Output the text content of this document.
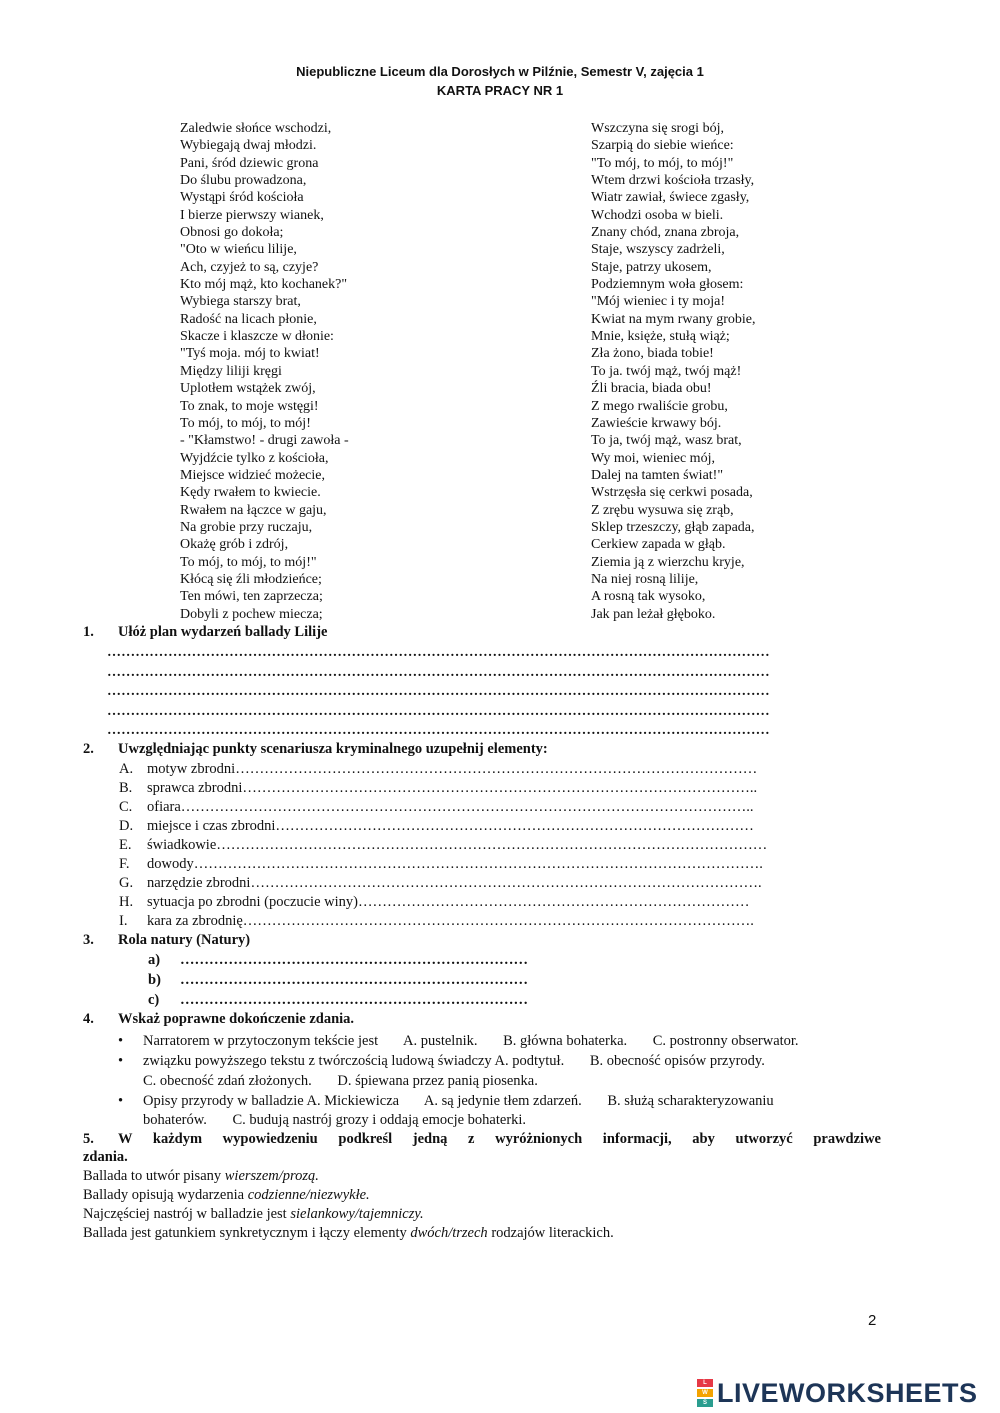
Niepubliczne Liceum dla Dorosłych w Pilźnie, Semestr V, zajęcia 1
KARTA PRACY NR 1
Zaledwie słońce wschodzi,
Wybiegają dwaj młodzi.
Pani, śród dziewic grona
Do ślubu prowadzona,
Wystąpi śród kościoła
I bierze pierwszy wianek,
Obnosi go dokoła;
"Oto w wieńcu lilije,
Ach, czyjeż to są, czyje?
Kto mój mąż, kto kochanek?"
Wybiega starszy brat,
Radość na licach płonie,
Skacze i klaszcze w dłonie:
"Tyś moja. mój to kwiat!
Między liliji kręgi
Uplotłem wstążek zwój,
To znak, to moje wstęgi!
To mój, to mój, to mój!
- "Kłamstwo! - drugi zawoła -
Wyjdźcie tylko z kościoła,
Miejsce widzieć możecie,
Kędy rwałem to kwiecie.
Rwałem na łączce w gaju,
Na grobie przy ruczaju,
Okażę grób i zdrój,
To mój, to mój, to mój!"
Kłócą się źli młodzieńce;
Ten mówi, ten zaprzecza;
Dobyli z pochew miecza;
Wszczyna się srogi bój,
Szarpią do siebie wieńce:
"To mój, to mój, to mój!"
Wtem drzwi kościoła trzasły,
Wiatr zawiał, świece zgasły,
Wchodzi osoba w bieli.
Znany chód, znana zbroja,
Staje, wszyscy zadrżeli,
Staje, patrzy ukosem,
Podziemnym woła głosem:
"Mój wieniec i ty moja!
Kwiat na mym rwany grobie,
Mnie, księże, stułą wiąż;
Zła żono, biada tobie!
To ja. twój mąż, twój mąż!
Źli bracia, biada obu!
Z mego rwaliście grobu,
Zawieście krwawy bój.
To ja, twój mąż, wasz brat,
Wy moi, wieniec mój,
Dalej na tamten świat!"
Wstrzęsła się cerkwi posada,
Z zrębu wysuwa się zrąb,
Sklep trzeszczy, głąb zapada,
Cerkiew zapada w głąb.
Ziemia ją z wierzchu kryje,
Na niej rosną lilije,
A rosną tak wysoko,
Jak pan leżał głęboko.
1. Ułóż plan wydarzeń ballady Lilije
……………………………………………………………………………………………………………………………
……………………………………………………………………………………………………………………………
……………………………………………………………………………………………………………………………
……………………………………………………………………………………………………………………………
……………………………………………………………………………………………………………………………
2. Uwzględniając punkty scenariusza kryminalnego uzupełnij elementy:
A. motyw zbrodni………………………………………………………………………………………………
B. sprawca zbrodni……………………………………………………………………………………………..
C. ofiara………………………………………………………………………………………………………..
D. miejsce i czas zbrodni………………………………………………………………………………………
E. świadkowie……………………………………………………………………………………………………
F. dowody……………………………………………………………………………………………………….
G. narzędzie zbrodni…………………………………………………………………………………………….
H. sytuacja po zbrodni (poczucie winy)………………………………………………………………………
I. kara za zbrodnię…………………………………………………………………………………………….
3. Rola natury (Natury)
a) ………………………………………………………………
b) ………………………………………………………………
c) ………………………………………………………………
4. Wskaż poprawne dokończenie zdania.
• Narratorem w przytoczonym tekście jest A. pustelnik. B. główna bohaterka. C. postronny obserwator.
• związku powyższego tekstu z twórczością ludową świadczy A. podtytuł. B. obecność opisów przyrody.
C. obecność zdań złożonych. D. śpiewana przez panią piosenka.
• Opisy przyrody w balladzie A. Mickiewicza A. są jedynie tłem zdarzeń. B. służą scharakteryzowaniu
bohaterów. C. budują nastrój grozy i oddają emocje bohaterki.
5. W każdym wypowiedzeniu podkreśl jedną z wyróżnionych informacji, aby utworzyć prawdziwe
zdania.
Ballada to utwór pisany wierszem/prozą.
Ballady opisują wydarzenia codzienne/niezwykłe.
Najczęściej nastrój w balladzie jest sielankowy/tajemniczy.
Ballada jest gatunkiem synkretycznym i łączy elementy dwóch/trzech rodzajów literackich.
2
L
W
S LIVEWORKSHEETS
